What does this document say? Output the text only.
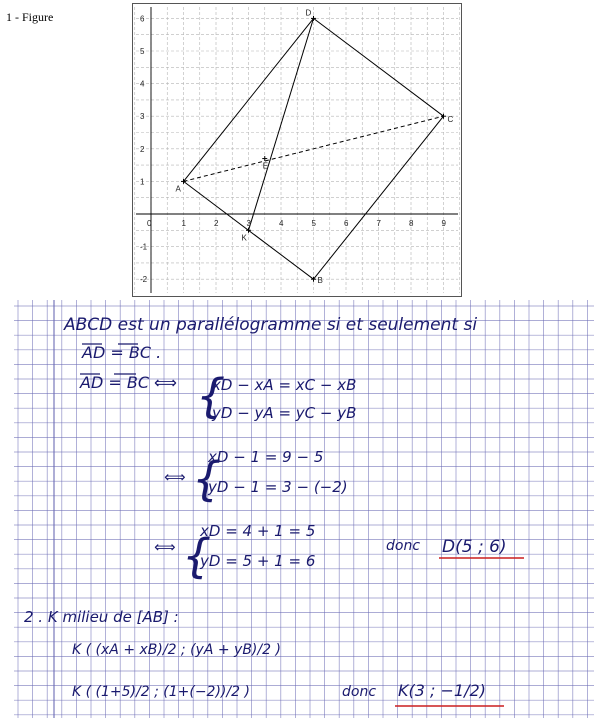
1 - Figure
0	1	2	3	4	5	6	7	8	9
-2
-1
1
2
3
4
5
6
A
B
C
D
E
K
ABCD est un parallélogramme si et seulement si
AD = BC .
AD = BC ⟺ {
xD − xA = xC − xB
yD − yA = yC − yB
⟺ {
xD − 1 = 9 − 5
yD − 1 = 3 − (−2)
⟺ {
xD = 4 + 1 = 5
yD = 5 + 1 = 6
donc D(5 ; 6)
2 . K milieu de [AB] :
K ( (xA + xB)/2 ; (yA + yB)/2 )
K ( (1+5)/2 ; (1+(−2))/2 )	donc K(3 ; −1/2)
